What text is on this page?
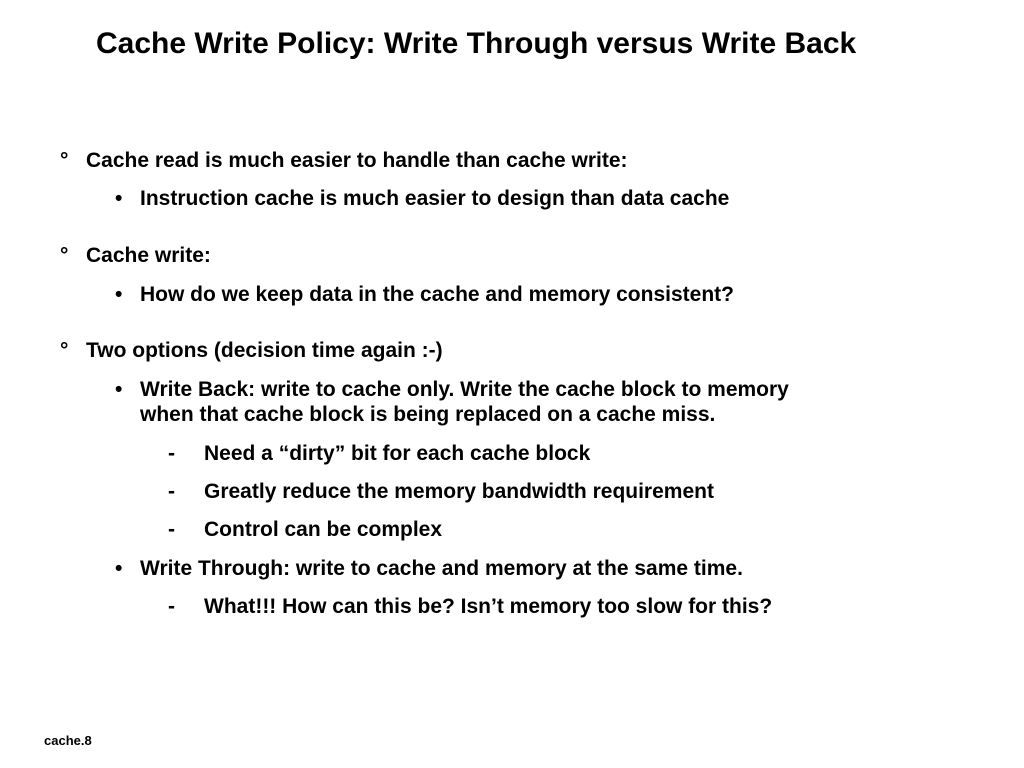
Cache Write Policy: Write Through versus Write Back
° Cache read is much easier to handle than cache write:
• Instruction cache is much easier to design than data cache
° Cache write:
• How do we keep data in the cache and memory consistent?
° Two options (decision time again :-)
• Write Back: write to cache only. Write the cache block to memory
when that cache block is being replaced on a cache miss.
- Need a “dirty” bit for each cache block
- Greatly reduce the memory bandwidth requirement
- Control can be complex
• Write Through: write to cache and memory at the same time.
- What!!! How can this be? Isn’t memory too slow for this?
cache.8
